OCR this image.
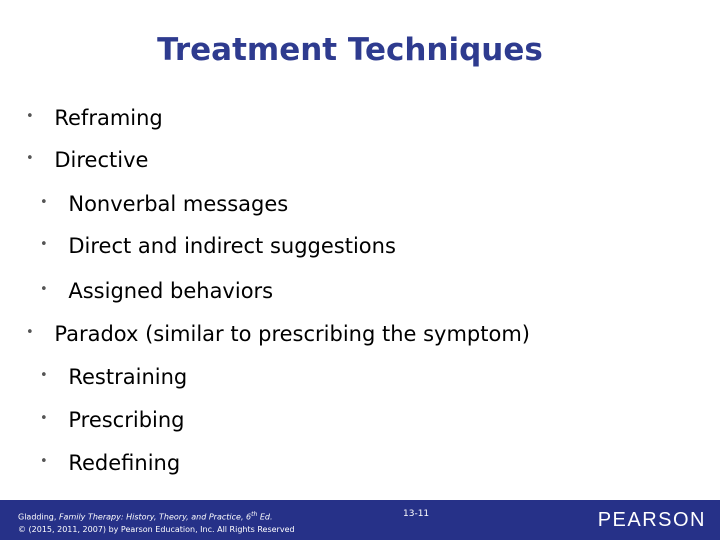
Treatment Techniques
• Reframing
• Directive
• Nonverbal messages
• Direct and indirect suggestions
• Assigned behaviors
• Paradox (similar to prescribing the symptom)
• Restraining
• Prescribing
• Redefining
Gladding, Family Therapy: History, Theory, and Practice, 6th Ed.
© (2015, 2011, 2007) by Pearson Education, Inc. All Rights Reserved
13-11	PEARSON
